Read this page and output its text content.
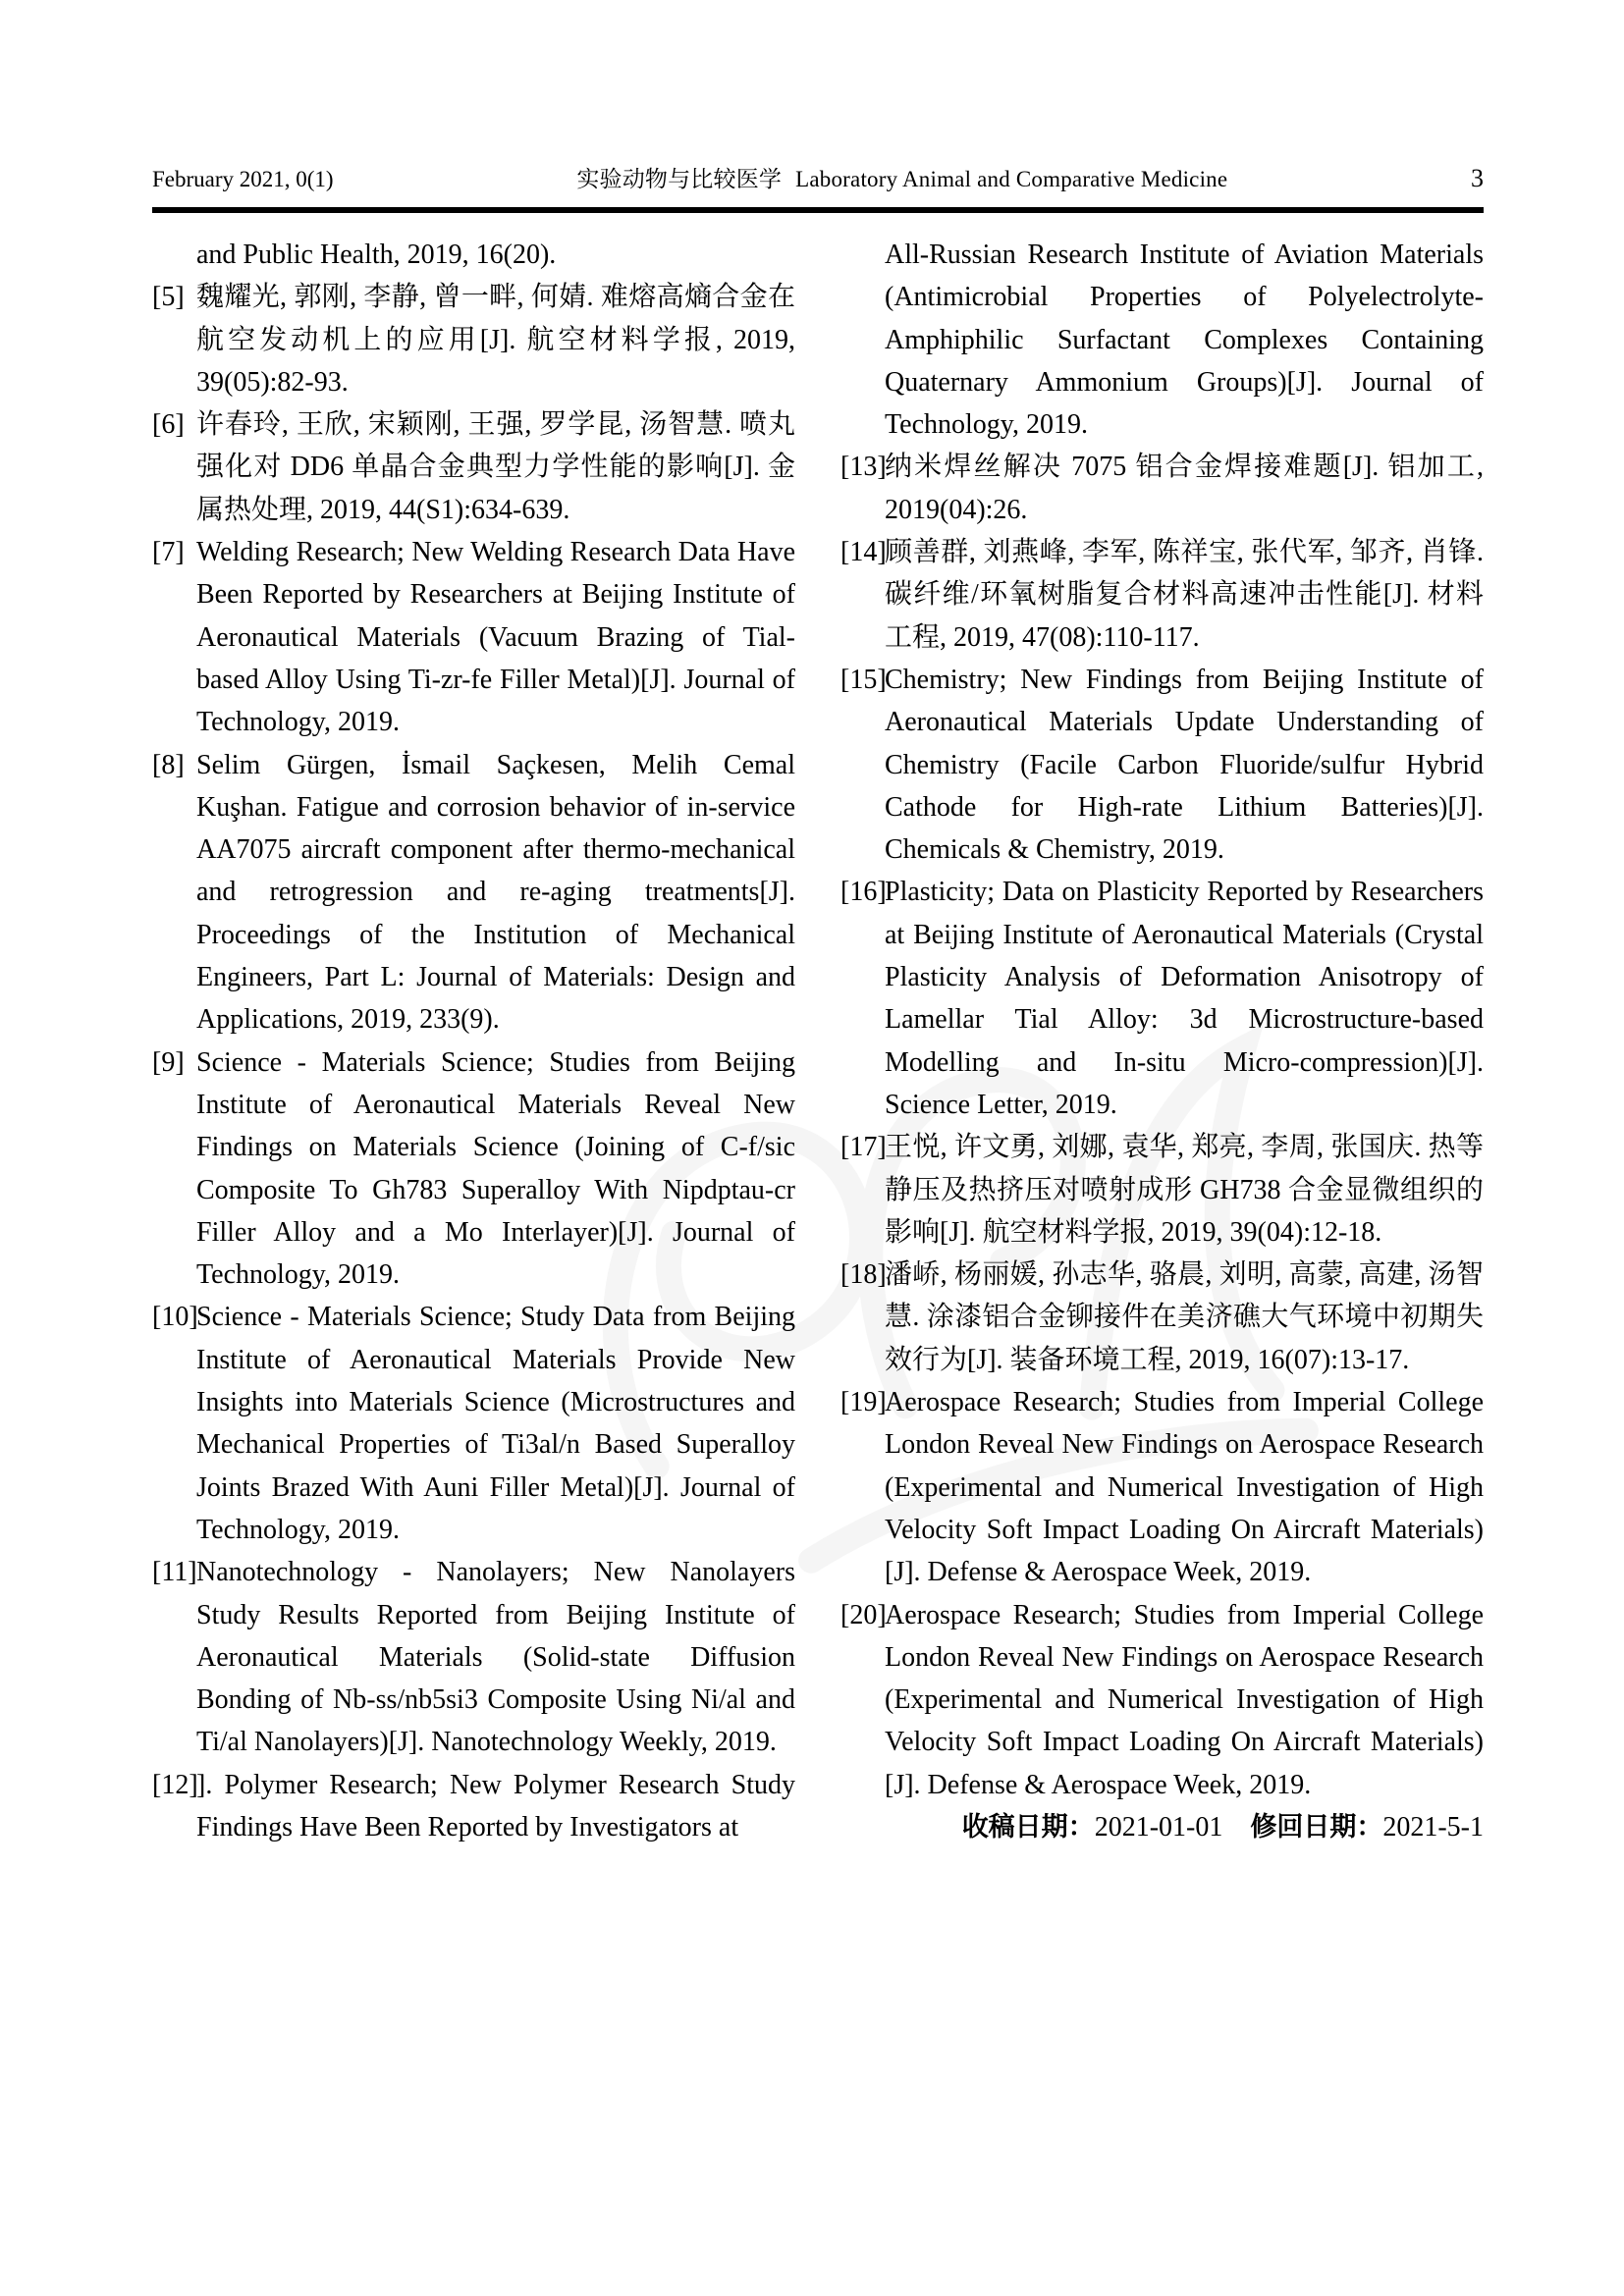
February 2021, 0(1)	实验动物与比较医学 Laboratory Animal and Comparative Medicine	3
and Public Health, 2019, 16(20).
[5] 魏耀光, 郭刚, 李静, 曾一畔, 何婧. 难熔高熵合金在航空发动机上的应用[J]. 航空材料学报, 2019, 39(05):82-93.
[6] 许春玲, 王欣, 宋颖刚, 王强, 罗学昆, 汤智慧. 喷丸强化对 DD6 单晶合金典型力学性能的影响[J]. 金属热处理, 2019, 44(S1):634-639.
[7] Welding Research; New Welding Research Data Have Been Reported by Researchers at Beijing Institute of Aeronautical Materials (Vacuum Brazing of Tial-based Alloy Using Ti-zr-fe Filler Metal)[J]. Journal of Technology, 2019.
[8] Selim Gürgen, İsmail Saçkesen, Melih Cemal Kuşhan. Fatigue and corrosion behavior of in-service AA7075 aircraft component after thermo-mechanical and retrogression and re-aging treatments[J]. Proceedings of the Institution of Mechanical Engineers, Part L: Journal of Materials: Design and Applications, 2019, 233(9).
[9] Science - Materials Science; Studies from Beijing Institute of Aeronautical Materials Reveal New Findings on Materials Science (Joining of C-f/sic Composite To Gh783 Superalloy With Nipdptau-cr Filler Alloy and a Mo Interlayer)[J]. Journal of Technology, 2019.
[10]
Science - Materials Science; Study Data from Beijing Institute of Aeronautical Materials Provide New Insights into Materials Science (Microstructures and Mechanical Properties of Ti3al/n Based Superalloy Joints Brazed With Auni Filler Metal)[J]. Journal of Technology, 2019.
[11] Nanotechnology - Nanolayers; New Nanolayers Study Results Reported from Beijing Institute of Aeronautical Materials (Solid-state Diffusion Bonding of Nb-ss/nb5si3 Composite Using Ni/al and Ti/al Nanolayers)[J]. Nanotechnology Weekly, 2019.
[12]
]. Polymer Research; New Polymer Research Study Findings Have Been Reported by Investigators at
All-Russian Research Institute of Aviation Materials (Antimicrobial Properties of Polyelectrolyte-Amphiphilic Surfactant Complexes Containing Quaternary Ammonium Groups)[J]. Journal of Technology, 2019.
[13]
纳米焊丝解决 7075 铝合金焊接难题[J]. 铝加工, 2019(04):26.
[14]
顾善群, 刘燕峰, 李军, 陈祥宝, 张代军, 邹齐, 肖锋. 碳纤维/环氧树脂复合材料高速冲击性能[J]. 材料工程, 2019, 47(08):110-117.
[15]
Chemistry; New Findings from Beijing Institute of Aeronautical Materials Update Understanding of Chemistry (Facile Carbon Fluoride/sulfur Hybrid Cathode for High-rate Lithium Batteries)[J]. Chemicals & Chemistry, 2019.
[16]
Plasticity; Data on Plasticity Reported by Researchers at Beijing Institute of Aeronautical Materials (Crystal Plasticity Analysis of Deformation Anisotropy of Lamellar Tial Alloy: 3d Microstructure-based Modelling and In-situ Micro-compression)[J]. Science Letter, 2019.
[17]
王悦, 许文勇, 刘娜, 袁华, 郑亮, 李周, 张国庆. 热等静压及热挤压对喷射成形 GH738 合金显微组织的影响[J]. 航空材料学报, 2019, 39(04):12-18.
[18]
潘峤, 杨丽媛, 孙志华, 骆晨, 刘明, 高蒙, 高建, 汤智慧. 涂漆铝合金铆接件在美济礁大气环境中初期失效行为[J]. 装备环境工程, 2019, 16(07):13-17.
[19]
Aerospace Research; Studies from Imperial College London Reveal New Findings on Aerospace Research (Experimental and Numerical Investigation of High Velocity Soft Impact Loading On Aircraft Materials)[J]. Defense & Aerospace Week, 2019.
[20]
Aerospace Research; Studies from Imperial College London Reveal New Findings on Aerospace Research (Experimental and Numerical Investigation of High Velocity Soft Impact Loading On Aircraft Materials)[J]. Defense & Aerospace Week, 2019.
收稿日期：2021-01-01 修回日期：2021-5-1
